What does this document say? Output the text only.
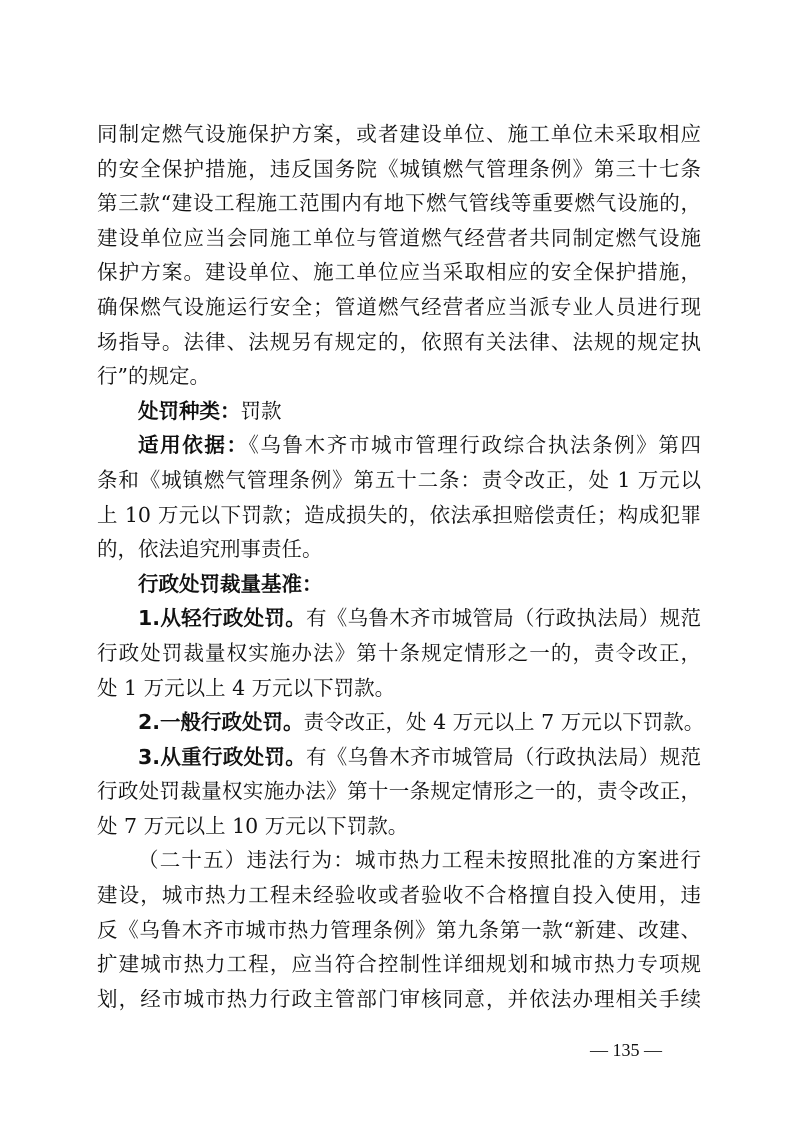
同制定燃气设施保护方案，或者建设单位、施工单位未采取相应
的安全保护措施，违反国务院《城镇燃气管理条例》第三十七条
第三款“建设工程施工范围内有地下燃气管线等重要燃气设施的，
建设单位应当会同施工单位与管道燃气经营者共同制定燃气设施
保护方案。建设单位、施工单位应当采取相应的安全保护措施，
确保燃气设施运行安全；管道燃气经营者应当派专业人员进行现
场指导。法律、法规另有规定的，依照有关法律、法规的规定执
行”的规定。
处罚种类：罚款
适用依据：《乌鲁木齐市城市管理行政综合执法条例》第四
条和《城镇燃气管理条例》第五十二条：责令改正，处 1 万元以
上 10 万元以下罚款；造成损失的，依法承担赔偿责任；构成犯罪
的，依法追究刑事责任。
行政处罚裁量基准：
1.从轻行政处罚。有《乌鲁木齐市城管局（行政执法局）规范
行政处罚裁量权实施办法》第十条规定情形之一的，责令改正，
处 1 万元以上 4 万元以下罚款。
2.一般行政处罚。责令改正，处 4 万元以上 7 万元以下罚款。
3.从重行政处罚。有《乌鲁木齐市城管局（行政执法局）规范
行政处罚裁量权实施办法》第十一条规定情形之一的，责令改正，
处 7 万元以上 10 万元以下罚款。
（二十五）违法行为：城市热力工程未按照批准的方案进行
建设，城市热力工程未经验收或者验收不合格擅自投入使用，违
反《乌鲁木齐市城市热力管理条例》第九条第一款“新建、改建、
扩建城市热力工程，应当符合控制性详细规划和城市热力专项规
划，经市城市热力行政主管部门审核同意，并依法办理相关手续
— 135 —
